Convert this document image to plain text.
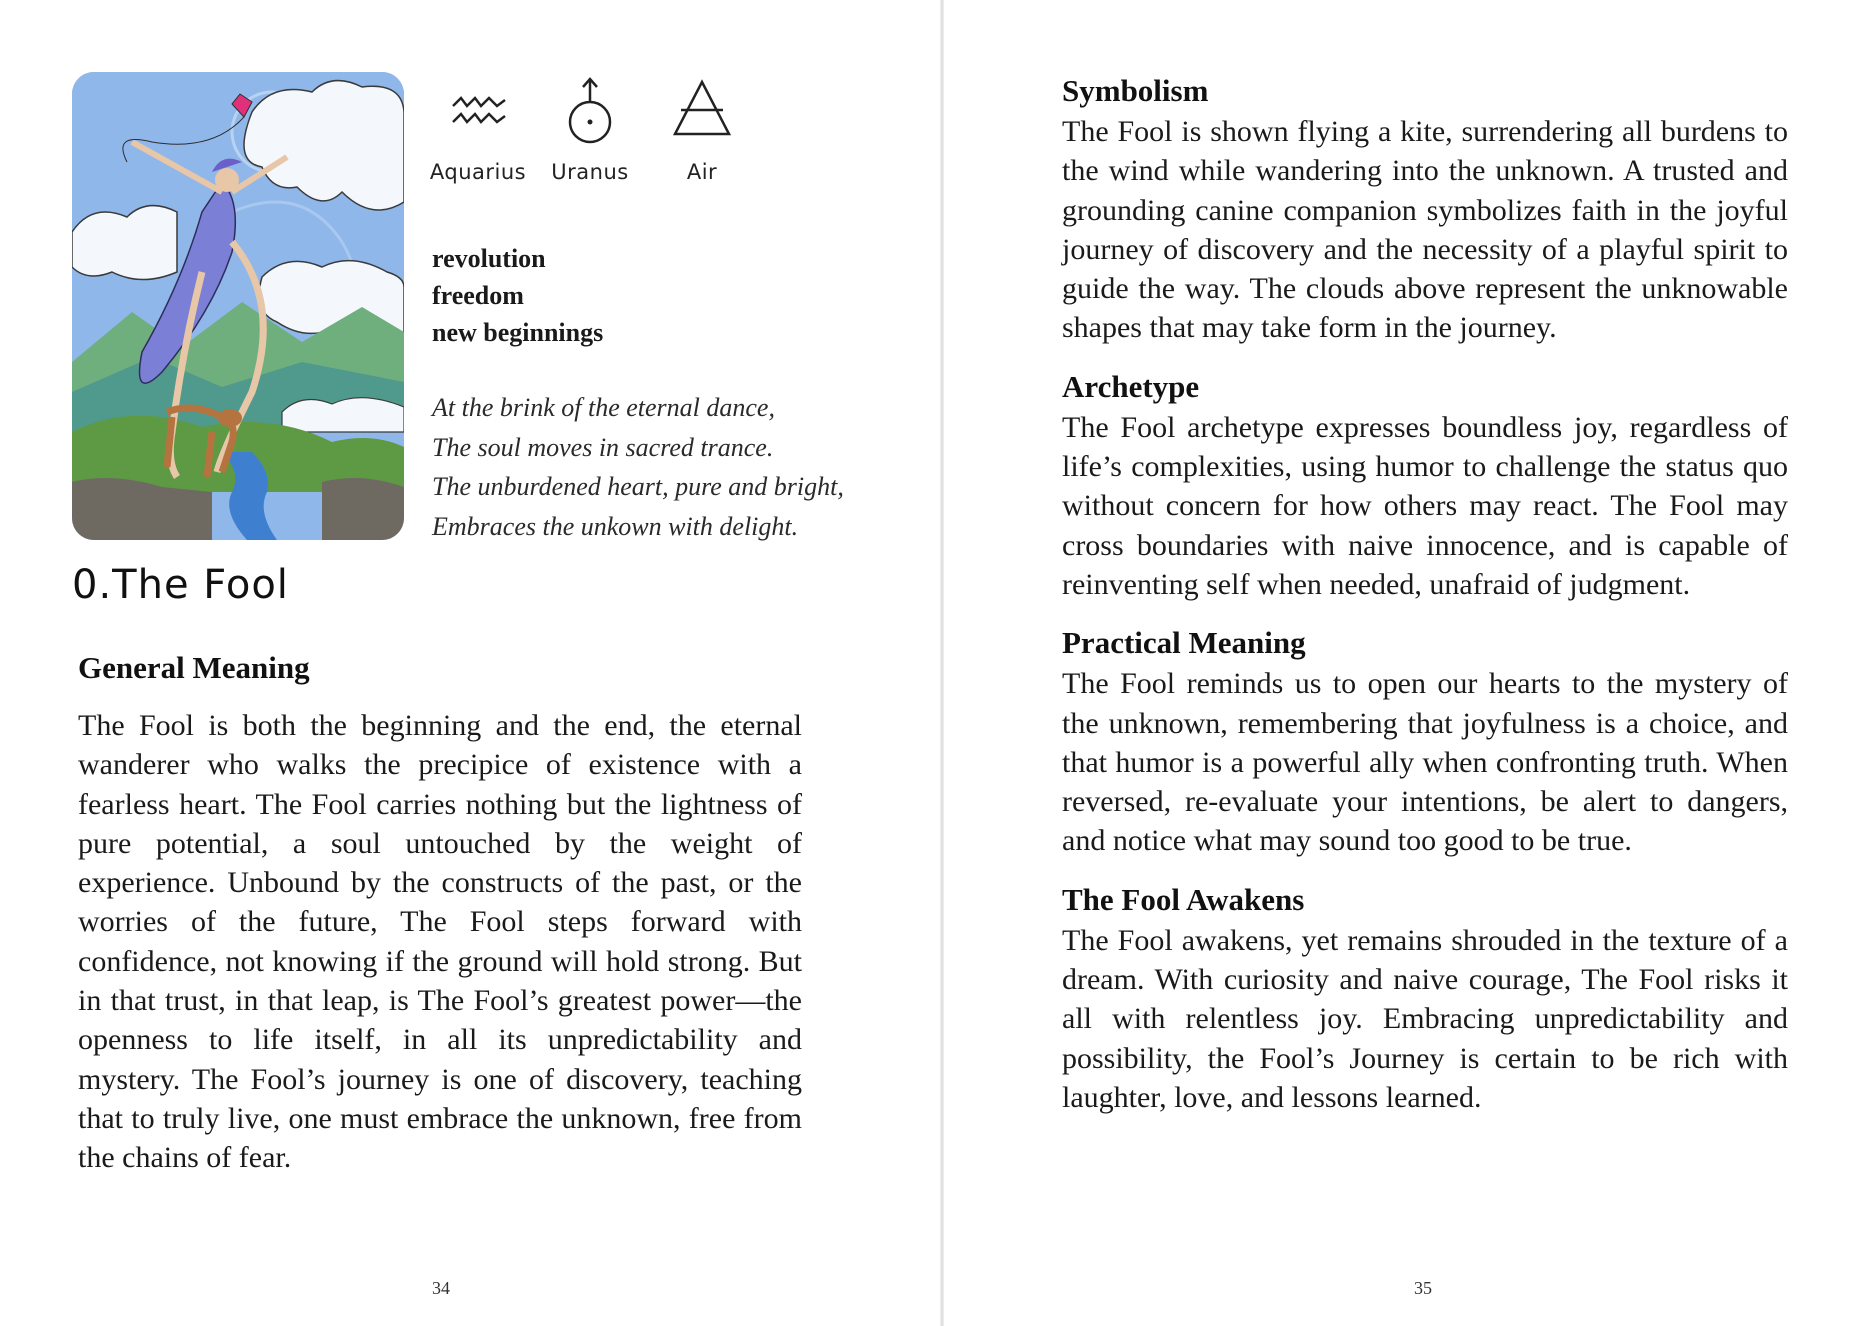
Aquarius	Uranus	Air
revolution
freedom
new beginnings
At the brink of the eternal dance,
The soul moves in sacred trance.
The unburdened heart, pure and bright,
Embraces the unkown with delight.
0.The Fool
General Meaning

The Fool is both the beginning and the end, the eternal wanderer who walks the precipice of existence with a fearless heart. The Fool carries nothing but the lightness of pure potential, a soul untouched by the weight of experience. Unbound by the constructs of the past, or the worries of the future, The Fool steps forward with confidence, not knowing if the ground will hold strong. But in that trust, in that leap, is The Fool’s greatest power—the openness to life itself, in all its unpredictability and mystery. The Fool’s journey is one of discovery, teaching that to truly live, one must embrace the unknown, free from the chains of fear.

34
Symbolism

The Fool is shown flying a kite, surrendering all burdens to the wind while wandering into the unknown. A trusted and grounding canine companion symbolizes faith in the joyful journey of discovery and the necessity of a playful spirit to guide the way. The clouds above represent the unknowable shapes that may take form in the journey.

Archetype

The Fool archetype expresses boundless joy, regardless of life’s complexities, using humor to challenge the status quo without concern for how others may react. The Fool may cross boundaries with naive innocence, and is capable of reinventing self when needed, unafraid of judgment.

Practical Meaning

The Fool reminds us to open our hearts to the mystery of the unknown, remembering that joyfulness is a choice, and that humor is a powerful ally when confronting truth. When reversed, re-evaluate your intentions, be alert to dangers, and notice what may sound too good to be true.

The Fool Awakens

The Fool awakens, yet remains shrouded in the texture of a dream. With curiosity and naive courage, The Fool risks it all with relentless joy. Embracing unpredictability and possibility, the Fool’s Journey is certain to be rich with laughter, love, and lessons learned.

35
